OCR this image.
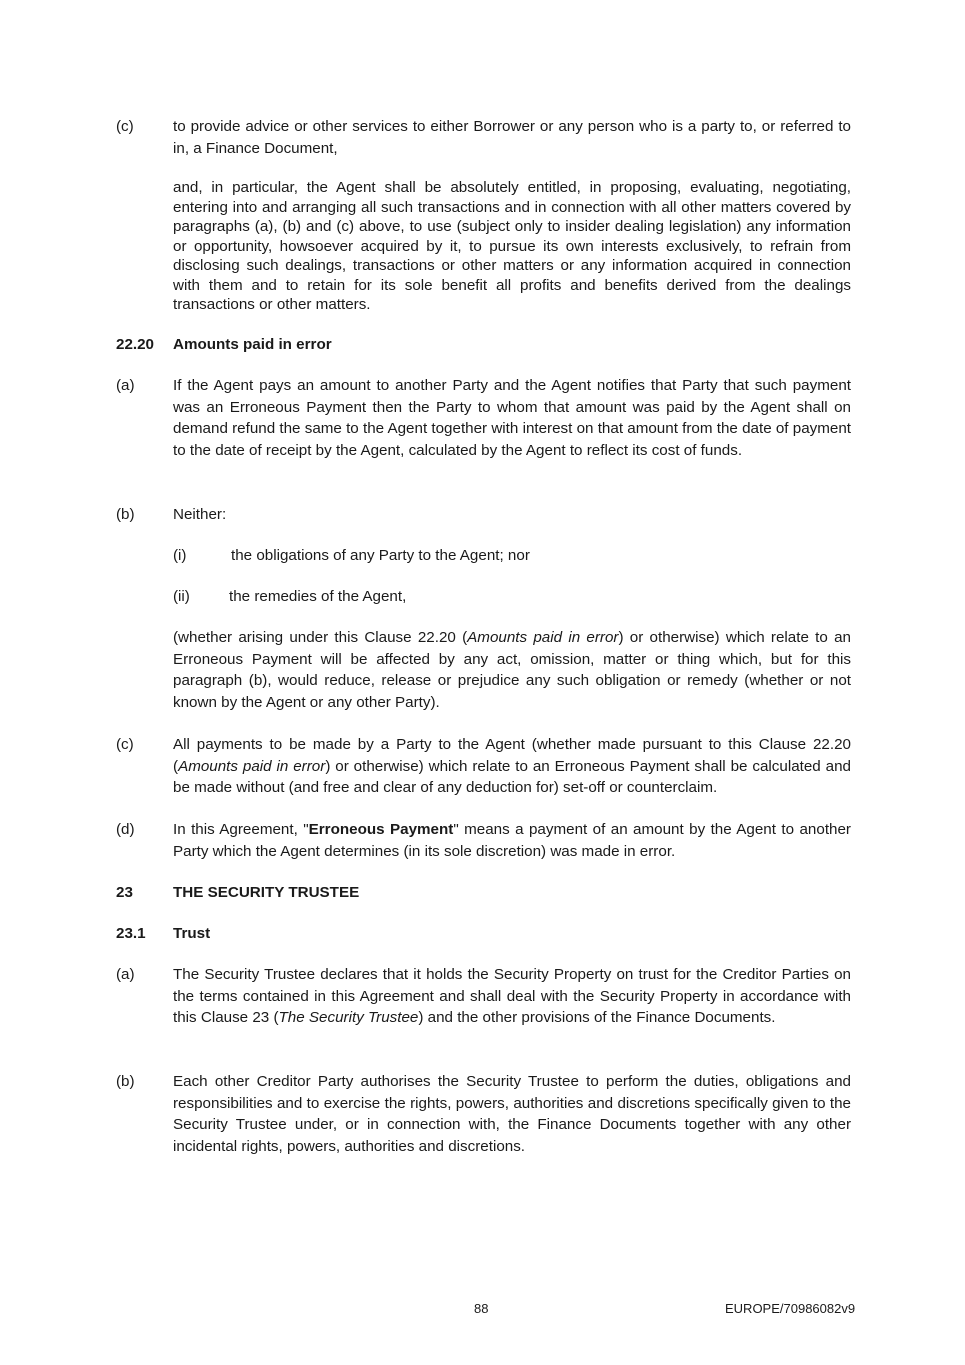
(c)	to provide advice or other services to either Borrower or any person who is a party to, or referred to in, a Finance Document,
and, in particular, the Agent shall be absolutely entitled, in proposing, evaluating, negotiating, entering into and arranging all such transactions and in connection with all other matters covered by paragraphs (a), (b) and (c) above, to use (subject only to insider dealing legislation) any information or opportunity, howsoever acquired by it, to pursue its own interests exclusively, to refrain from disclosing such dealings, transactions or other matters or any information acquired in connection with them and to retain for its sole benefit all profits and benefits derived from the dealings transactions or other matters.
22.20 Amounts paid in error
(a)	If the Agent pays an amount to another Party and the Agent notifies that Party that such payment was an Erroneous Payment then the Party to whom that amount was paid by the Agent shall on demand refund the same to the Agent together with interest on that amount from the date of payment to the date of receipt by the Agent, calculated by the Agent to reflect its cost of funds.
(b)	Neither:
(i)	the obligations of any Party to the Agent; nor
(ii)	the remedies of the Agent,
(whether arising under this Clause 22.20 (Amounts paid in error) or otherwise) which relate to an Erroneous Payment will be affected by any act, omission, matter or thing which, but for this paragraph (b), would reduce, release or prejudice any such obligation or remedy (whether or not known by the Agent or any other Party).
(c)	All payments to be made by a Party to the Agent (whether made pursuant to this Clause 22.20 (Amounts paid in error) or otherwise) which relate to an Erroneous Payment shall be calculated and be made without (and free and clear of any deduction for) set-off or counterclaim.
(d)	In this Agreement, "Erroneous Payment" means a payment of an amount by the Agent to another Party which the Agent determines (in its sole discretion) was made in error.
23	THE SECURITY TRUSTEE
23.1 Trust
(a)	The Security Trustee declares that it holds the Security Property on trust for the Creditor Parties on the terms contained in this Agreement and shall deal with the Security Property in accordance with this Clause 23 (The Security Trustee) and the other provisions of the Finance Documents.
(b)	Each other Creditor Party authorises the Security Trustee to perform the duties, obligations and responsibilities and to exercise the rights, powers, authorities and discretions specifically given to the Security Trustee under, or in connection with, the Finance Documents together with any other incidental rights, powers, authorities and discretions.
88	EUROPE/70986082v9
